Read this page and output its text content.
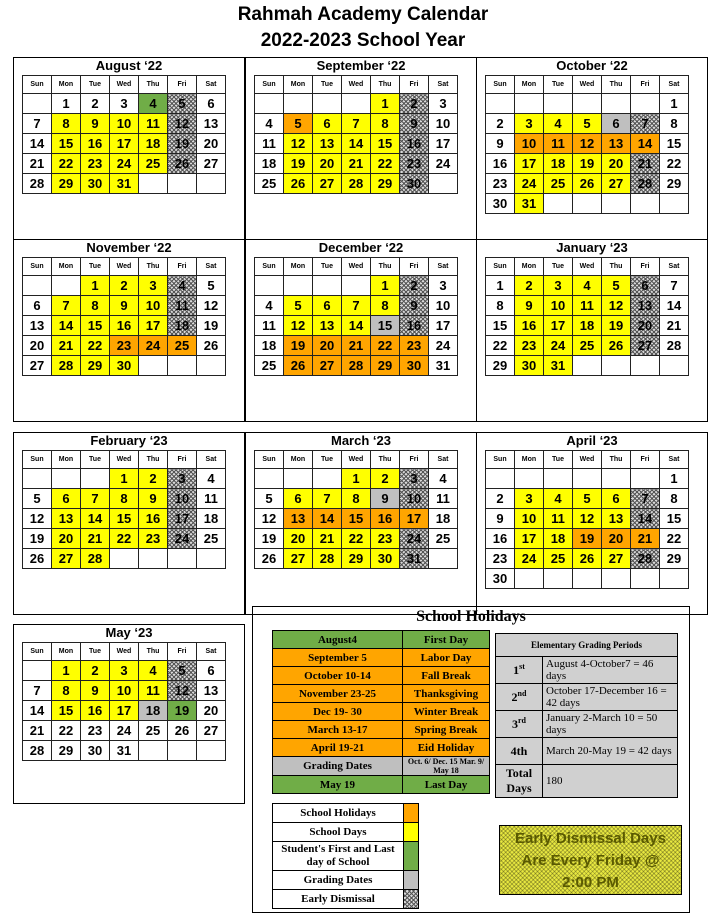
Rahmah Academy Calendar
2022-2023 School Year
August ‘22
Sun	Mon	Tue	Wed	Thu	Fri	Sat
	1	2	3	4	5	6
7	8	9	10	11	12	13
14	15	16	17	18	19	20
21	22	23	24	25	26	27
28	29	30	31			
September ‘22
Sun	Mon	Tue	Wed	Thu	Fri	Sat
				1	2	3
4	5	6	7	8	9	10
11	12	13	14	15	16	17
18	19	20	21	22	23	24
25	26	27	28	29	30	
October ‘22
Sun	Mon	Tue	Wed	Thu	Fri	Sat
						1
2	3	4	5	6	7	8
9	10	11	12	13	14	15
16	17	18	19	20	21	22
23	24	25	26	27	28	29
30	31					
November ‘22
Sun	Mon	Tue	Wed	Thu	Fri	Sat
		1	2	3	4	5
6	7	8	9	10	11	12
13	14	15	16	17	18	19
20	21	22	23	24	25	26
27	28	29	30			
December ‘22
Sun	Mon	Tue	Wed	Thu	Fri	Sat
				1	2	3
4	5	6	7	8	9	10
11	12	13	14	15	16	17
18	19	20	21	22	23	24
25	26	27	28	29	30	31
January ‘23
Sun	Mon	Tue	Wed	Thu	Fri	Sat
1	2	3	4	5	6	7
8	9	10	11	12	13	14
15	16	17	18	19	20	21
22	23	24	25	26	27	28
29	30	31				
February ‘23
Sun	Mon	Tue	Wed	Thu	Fri	Sat
			1	2	3	4
5	6	7	8	9	10	11
12	13	14	15	16	17	18
19	20	21	22	23	24	25
26	27	28				
March ‘23
Sun	Mon	Tue	Wed	Thu	Fri	Sat
			1	2	3	4
5	6	7	8	9	10	11
12	13	14	15	16	17	18
19	20	21	22	23	24	25
26	27	28	29	30	31	
April ‘23
Sun	Mon	Tue	Wed	Thu	Fri	Sat
						1
2	3	4	5	6	7	8
9	10	11	12	13	14	15
16	17	18	19	20	21	22
23	24	25	26	27	28	29
30						
May ‘23
Sun	Mon	Tue	Wed	Thu	Fri	Sat
	1	2	3	4	5	6
7	8	9	10	11	12	13
14	15	16	17	18	19	20
21	22	23	24	25	26	27
28	29	30	31			
School Holidays
August4	First Day
September 5	Labor Day
October 10-14	Fall Break
November 23-25	Thanksgiving
Dec 19- 30	Winter Break
March 13-17	Spring Break
April 19-21	Eid Holiday
Grading Dates	Oct. 6/ Dec. 15 Mar. 9/ May 18
May 19	Last Day
School Holidays	
School Days	
Student's First and Last day of School	
Grading Dates	
Early Dismissal	
Elementary Grading Periods	
1st	August 4-October7 = 46 days
2nd	October 17-December 16 = 42 days
3rd	January 2-March 10 = 50 days
4th	March 20-May 19 = 42 days
Total Days	180
Early Dismissal Days
Are Every Friday @
2:00 PM
